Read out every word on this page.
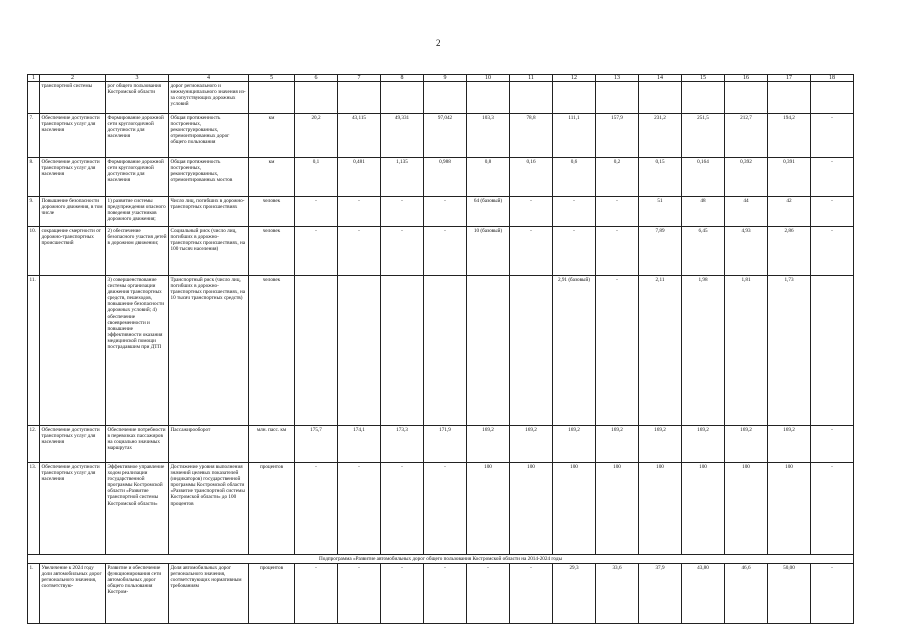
2
1	2	3	4	5	6	7	8	9	10	11	12	13	14	15	16	17	18
	транспортной системы	рог общего пользования Костромской области	дорог регионального и межмуниципального значения из-за сопутствующих дорожных условий														
7.	Обеспечение доступности транспортных услуг для населения	Формирование дорожной сети круглогодичной доступности для населения	Общая протяженность построенных, реконструированных, отремонтированных дорог общего пользования	км	20,2	43,115	49,331	97,042	103,3	78,8	111,1	157,9	231,2	251,5	212,7	194,2	-
8.	Обеспечение доступности транспортных услуг для населения	Формирование дорожной сети круглогодичной доступности для населения	Общая протяженность построенных, реконструированных, отремонтированных мостов	км	0,1	0,481	1,135	0,988	0,8	0,16	0,6	0,2	0,15	0,164	0,392	0,391	-
9.	Повышение безопасности дорожного движения, в том числе	1) развитие системы предупреждения опасного поведения участников дорожного движения;	Число лиц, погибших в дорожно-транспортных происшествиях	человек	-	-	-	-	64 (базовый)	-	-	-	51	48	44	42	-
10.	сокращение смертности от дорожно-транспортных происшествий	2) обеспечение безопасного участия детей в дорожном движении;	Социальный риск (число лиц, погибших в дорожно-транспортных происшествиях, на 100 тысяч населения)	человек	-	-	-	-	10 (базовый)	-	-	-	7,89	6,45	4,93	2,86	-
11.		3) совершенствование системы организации движения транспортных средств, пешеходов, повышение безопасности дорожных условий; 4) обеспечение своевременности и повышение эффективности оказания медицинской помощи пострадавшим при ДТП	Транспортный риск (число лиц, погибших в дорожно-транспортных происшествиях, на 10 тысяч транспортных средств)	человек							2,91 (базовый)	-	2,11	1,98	1,81	1,73	
12.	Обеспечение доступности транспортных услуг для населения	Обеспечение потребности в перевозках пассажиров на социально значимых маршрутах	Пассажирооборот	млн. пасс. км	175,7	174,1	173,3	171,9	169,2	169,2	169,2	169,2	169,2	169,2	169,2	169,2	-
13.	Обеспечение доступности транспортных услуг для населения	Эффективное управление ходом реализации государственной программы Костромской области «Развитие транспортной системы Костромской области»	Достижение уровня выполнения значений целевых показателей (индикаторов) государственной программы Костромской области «Развитие транспортной системы Костромской области» до 100 процентов	процентов	-	-	-	-	100	100	100	100	100	100	100	100	-
Подпрограмма «Развитие автомобильных дорог общего пользования Костромской области на 2014-2024 годы																	
1.	Увеличение к 2024 году доли автомобильных дорог регионального значения, соответствую-	Развитие и обеспечение функционирования сети автомобильных дорог общего пользования Костром-	Доля автомобильных дорог регионального значения, соответствующих нормативным требованиям	процентов	-	-	-	-	-	-	29,3	33,6	37,9	43,80	46,6	50,00	-
